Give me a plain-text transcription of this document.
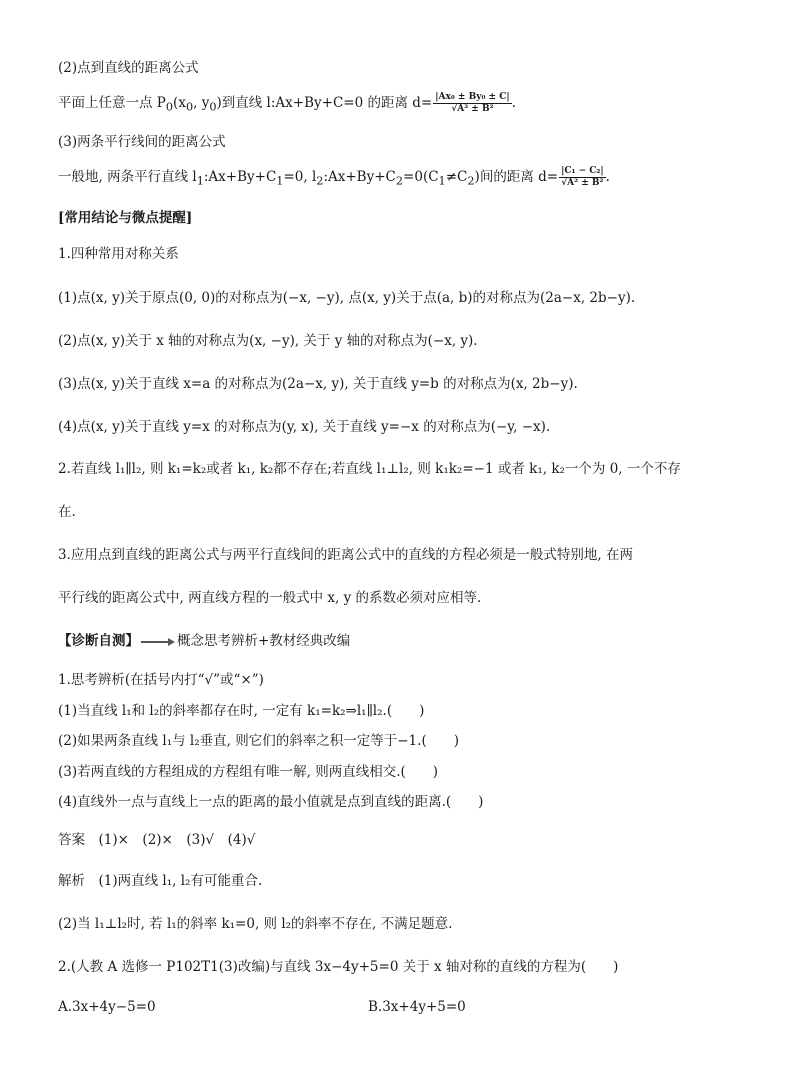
(2)点到直线的距离公式
平面上任意一点 $P_0(x_0$, $y_0$)到直线 l:Ax+By+C=0 的距离 $d= \frac{\text{|Ax₀ ± By₀ ± C|}}{\text{√A² ± B²}}$ .
(3)两条平行线间的距离公式
一般地, 两条平行直线 $l_1:Ax+By+C_1=0$, $l_2:Ax+By+C_2=0(C_1\ne C_2)$间的距离 $d= \frac{\text{|C₁ − C₂|}}{\text{√A² ± B²}}$ .
[常用结论与微点提醒]
1.四种常用对称关系
(1)点(x, y)关于原点(0, 0)的对称点为(−x, −y), 点(x, y)关于点(a, b)的对称点为(2a−x, 2b−y).
(2)点(x, y)关于 x 轴的对称点为(x, −y), 关于 y 轴的对称点为(−x, y).
(3)点(x, y)关于直线 x=a 的对称点为(2a−x, y), 关于直线 y=b 的对称点为(x, 2b−y).
(4)点(x, y)关于直线 y=x 的对称点为(y, x), 关于直线 y=−x 的对称点为(−y, −x).
2.若直线 l₁∥l₂, 则 k₁=k₂或者 k₁, k₂都不存在;若直线 l₁⊥l₂, 则 k₁k₂=−1 或者 k₁, k₂一个为 0, 一个不存
在.
3.应用点到直线的距离公式与两平行直线间的距离公式中的直线的方程必须是一般式特别地, 在两
平行线的距离公式中, 两直线方程的一般式中 x, y 的系数必须对应相等.
【诊断自测】	概念思考辨析+教材经典改编
1.思考辨析(在括号内打“√”或“×”)
(1)当直线 l₁和 l₂的斜率都存在时, 一定有 k₁=k₂⇒l₁∥l₂.(　　)
(2)如果两条直线 l₁与 l₂垂直, 则它们的斜率之积一定等于−1.(　　)
(3)若两直线的方程组成的方程组有唯一解, 则两直线相交.(　　)
(4)直线外一点与直线上一点的距离的最小值就是点到直线的距离.(　　)
答案　(1)×　(2)×　(3)√　(4)√
解析　(1)两直线 l₁, l₂有可能重合.
(2)当 l₁⊥l₂时, 若 l₁的斜率 k₁=0, 则 l₂的斜率不存在, 不满足题意.
2.(人教 A 选修一 P102T1(3)改编)与直线 3x−4y+5=0 关于 x 轴对称的直线的方程为(　　)
A.3x+4y−5=0	B.3x+4y+5=0
